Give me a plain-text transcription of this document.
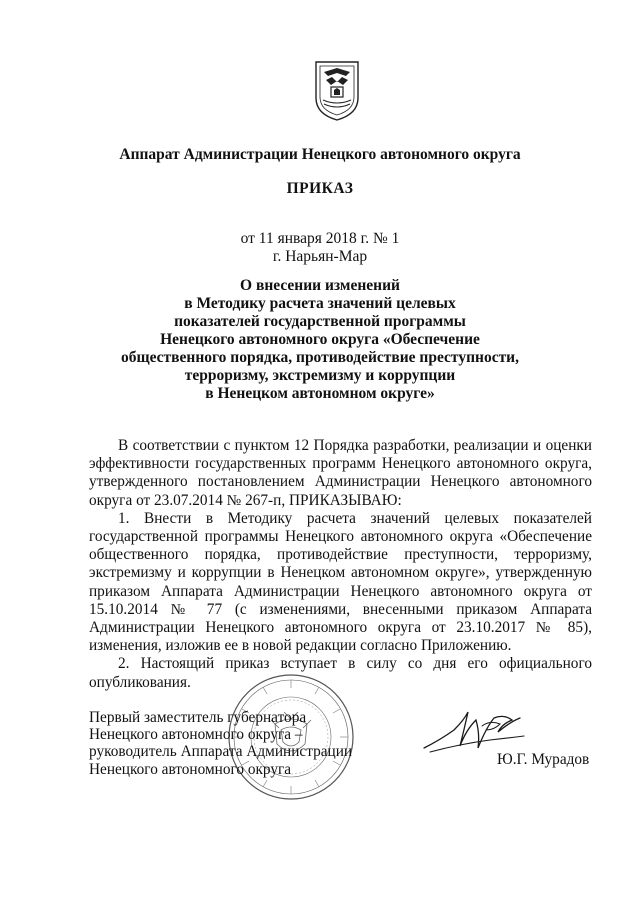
Аппарат Администрации Ненецкого автономного округа
ПРИКАЗ
от 11 января 2018 г. № 1
г. Нарьян-Мар
О внесении изменений
в Методику расчета значений целевых
показателей государственной программы
Ненецкого автономного округа «Обеспечение
общественного порядка, противодействие преступности,
терроризму, экстремизму и коррупции
в Ненецком автономном округе»

В соответствии с пунктом 12 Порядка разработки, реализации и оценки эффективности государственных программ Ненецкого автономного округа, утвержденного постановлением Администрации Ненецкого автономного округа от 23.07.2014 № 267-п, ПРИКАЗЫВАЮ:

1. Внести в Методику расчета значений целевых показателей государственной программы Ненецкого автономного округа «Обеспечение общественного порядка, противодействие преступности, терроризму, экстремизму и коррупции в Ненецком автономном округе», утвержденную приказом Аппарата Администрации Ненецкого автономного округа от 15.10.2014 № 77 (с изменениями, внесенными приказом Аппарата Администрации Ненецкого автономного округа от 23.10.2017 № 85), изменения, изложив ее в новой редакции согласно Приложению.

2. Настоящий приказ вступает в силу со дня его официального опубликования.

Первый заместитель губернатора
Ненецкого автономного округа –
руководитель Аппарата Администрации
Ненецкого автономного округа
Ю.Г. Мурадов
